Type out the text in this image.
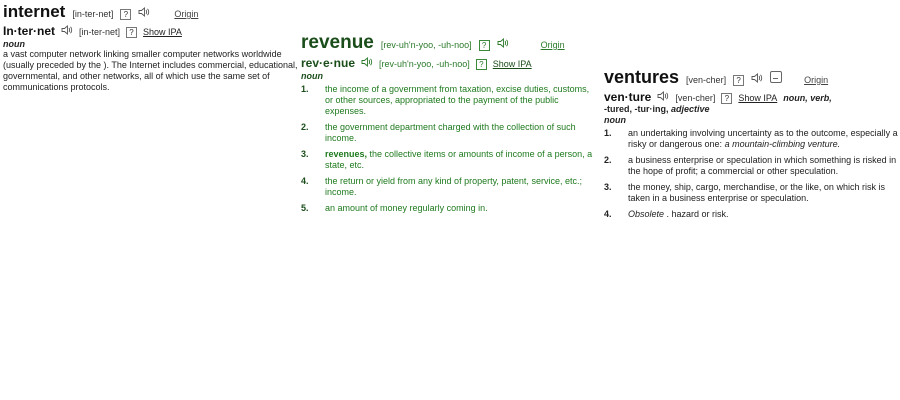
internet [in-ter-net]	?	Origin
In·ter·net	[in-ter-net]	?	Show IPA
noun
a vast computer network linking smaller computer networks worldwide (usually preceded by the ). The Internet includes commercial, educational, governmental, and other networks, all of which use the same set of communications protocols.
revenue [rev-uh'n-yoo, -uh-noo]	?	Origin
rev·e·nue	[rev-uh'n-yoo, -uh-noo]	?	Show IPA
noun
1.	the income of a government from taxation, excise duties, customs, or other sources, appropriated to the payment of the public expenses.
2.	the government department charged with the collection of such income.
3.	revenues, the collective items or amounts of income of a person, a state, etc.
4.	the return or yield from any kind of property, patent, service, etc.; income.
5.	an amount of money regularly coming in.
ventures [ven-cher]	?	Origin
ven·ture	[ven-cher]	?	Show IPA noun, verb,
-tured, -tur·ing, adjective
noun
1.	an undertaking involving uncertainty as to the outcome, especially a risky or dangerous one: a mountain-climbing venture.
2.	a business enterprise or speculation in which something is risked in the hope of profit; a commercial or other speculation.
3.	the money, ship, cargo, merchandise, or the like, on which risk is taken in a business enterprise or speculation.
4.	Obsolete . hazard or risk.
